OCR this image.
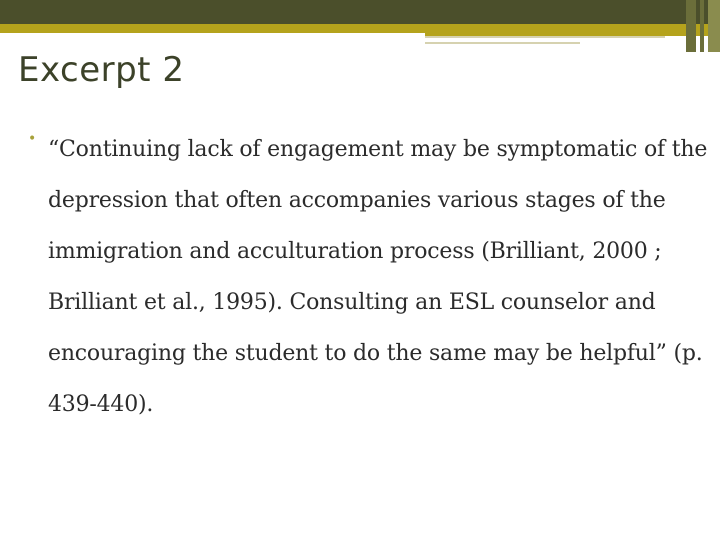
Excerpt 2
• “Continuing lack of engagement may be symptomatic of the depression that often accompanies various stages of the immigration and acculturation process (Brilliant, 2000 ; Brilliant et al., 1995). Consulting an ESL counselor and encouraging the student to do the same may be helpful” (p. 439-440).
